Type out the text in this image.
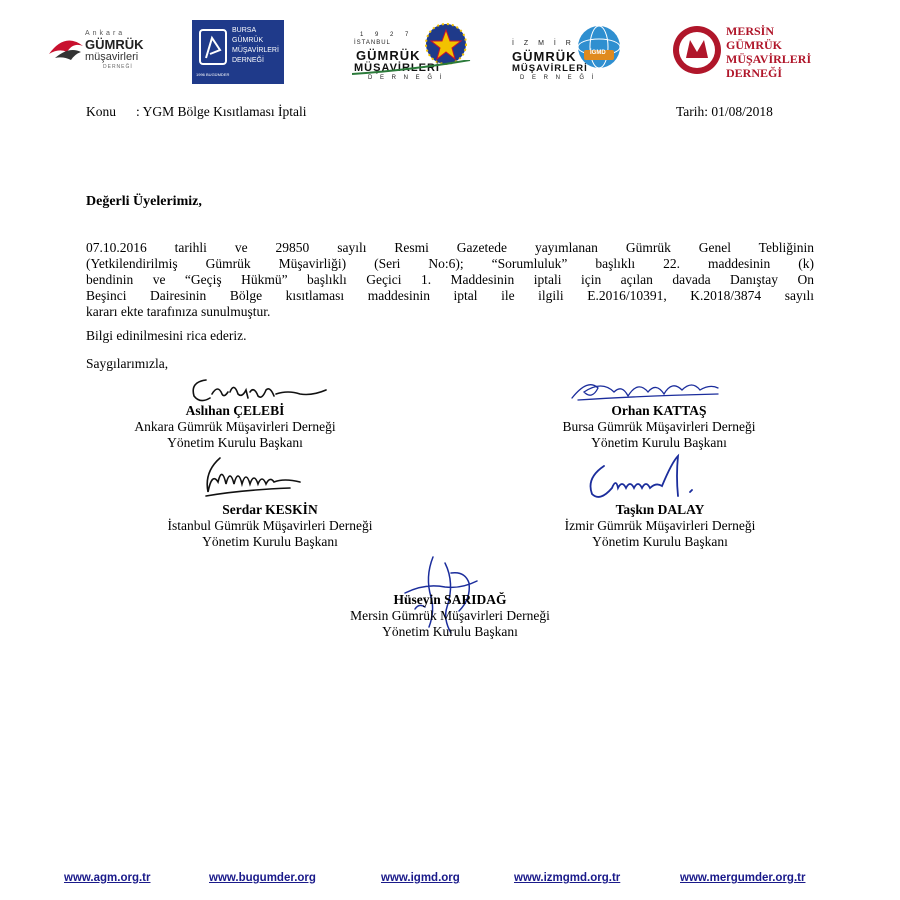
Ankara
GÜMRÜK
müşavirleri
DERNEĞİ
BURSA
GÜMRÜK
MÜŞAVİRLERİ
DERNEĞİ
1996 BUGÜMDER
1 9 2 7
İSTANBUL
GÜMRÜK
MÜŞAVİRLERİ
D E R N E Ğ İ
İ Z M İ R
GÜMRÜK
MÜŞAVİRLERİ
D E R N E Ğ İ
İGMD
MERSİN
GÜMRÜK
MÜŞAVİRLERİ
DERNEĞİ
Konu : YGM Bölge Kısıtlaması İptali	Tarih: 01/08/2018
Değerli Üyelerimiz,
07.10.2016 tarihli ve 29850 sayılı Resmi Gazetede yayımlanan Gümrük Genel Tebliğinin
(Yetkilendirilmiş Gümrük Müşavirliği) (Seri No:6); “Sorumluluk” başlıklı 22. maddesinin (k)
bendinin ve “Geçiş Hükmü” başlıklı Geçici 1. Maddesinin iptali için açılan davada Danıştay On
Beşinci Dairesinin Bölge kısıtlaması maddesinin iptal ile ilgili E.2016/10391, K.2018/3874 sayılı
kararı ekte tarafınıza sunulmuştur.
Bilgi edinilmesini rica ederiz.
Saygılarımızla,
Aslıhan ÇELEBİ
Ankara Gümrük Müşavirleri Derneği
Yönetim Kurulu Başkanı
Orhan KATTAŞ
Bursa Gümrük Müşavirleri Derneği
Yönetim Kurulu Başkanı
Serdar KESKİN
İstanbul Gümrük Müşavirleri Derneği
Yönetim Kurulu Başkanı
Taşkın DALAY
İzmir Gümrük Müşavirleri Derneği
Yönetim Kurulu Başkanı
Hüseyin SARIDAĞ
Mersin Gümrük Müşavirleri Derneği
Yönetim Kurulu Başkanı
www.agm.org.tr	www.bugumder.org	www.igmd.org	www.izmgmd.org.tr	www.mergumder.org.tr
